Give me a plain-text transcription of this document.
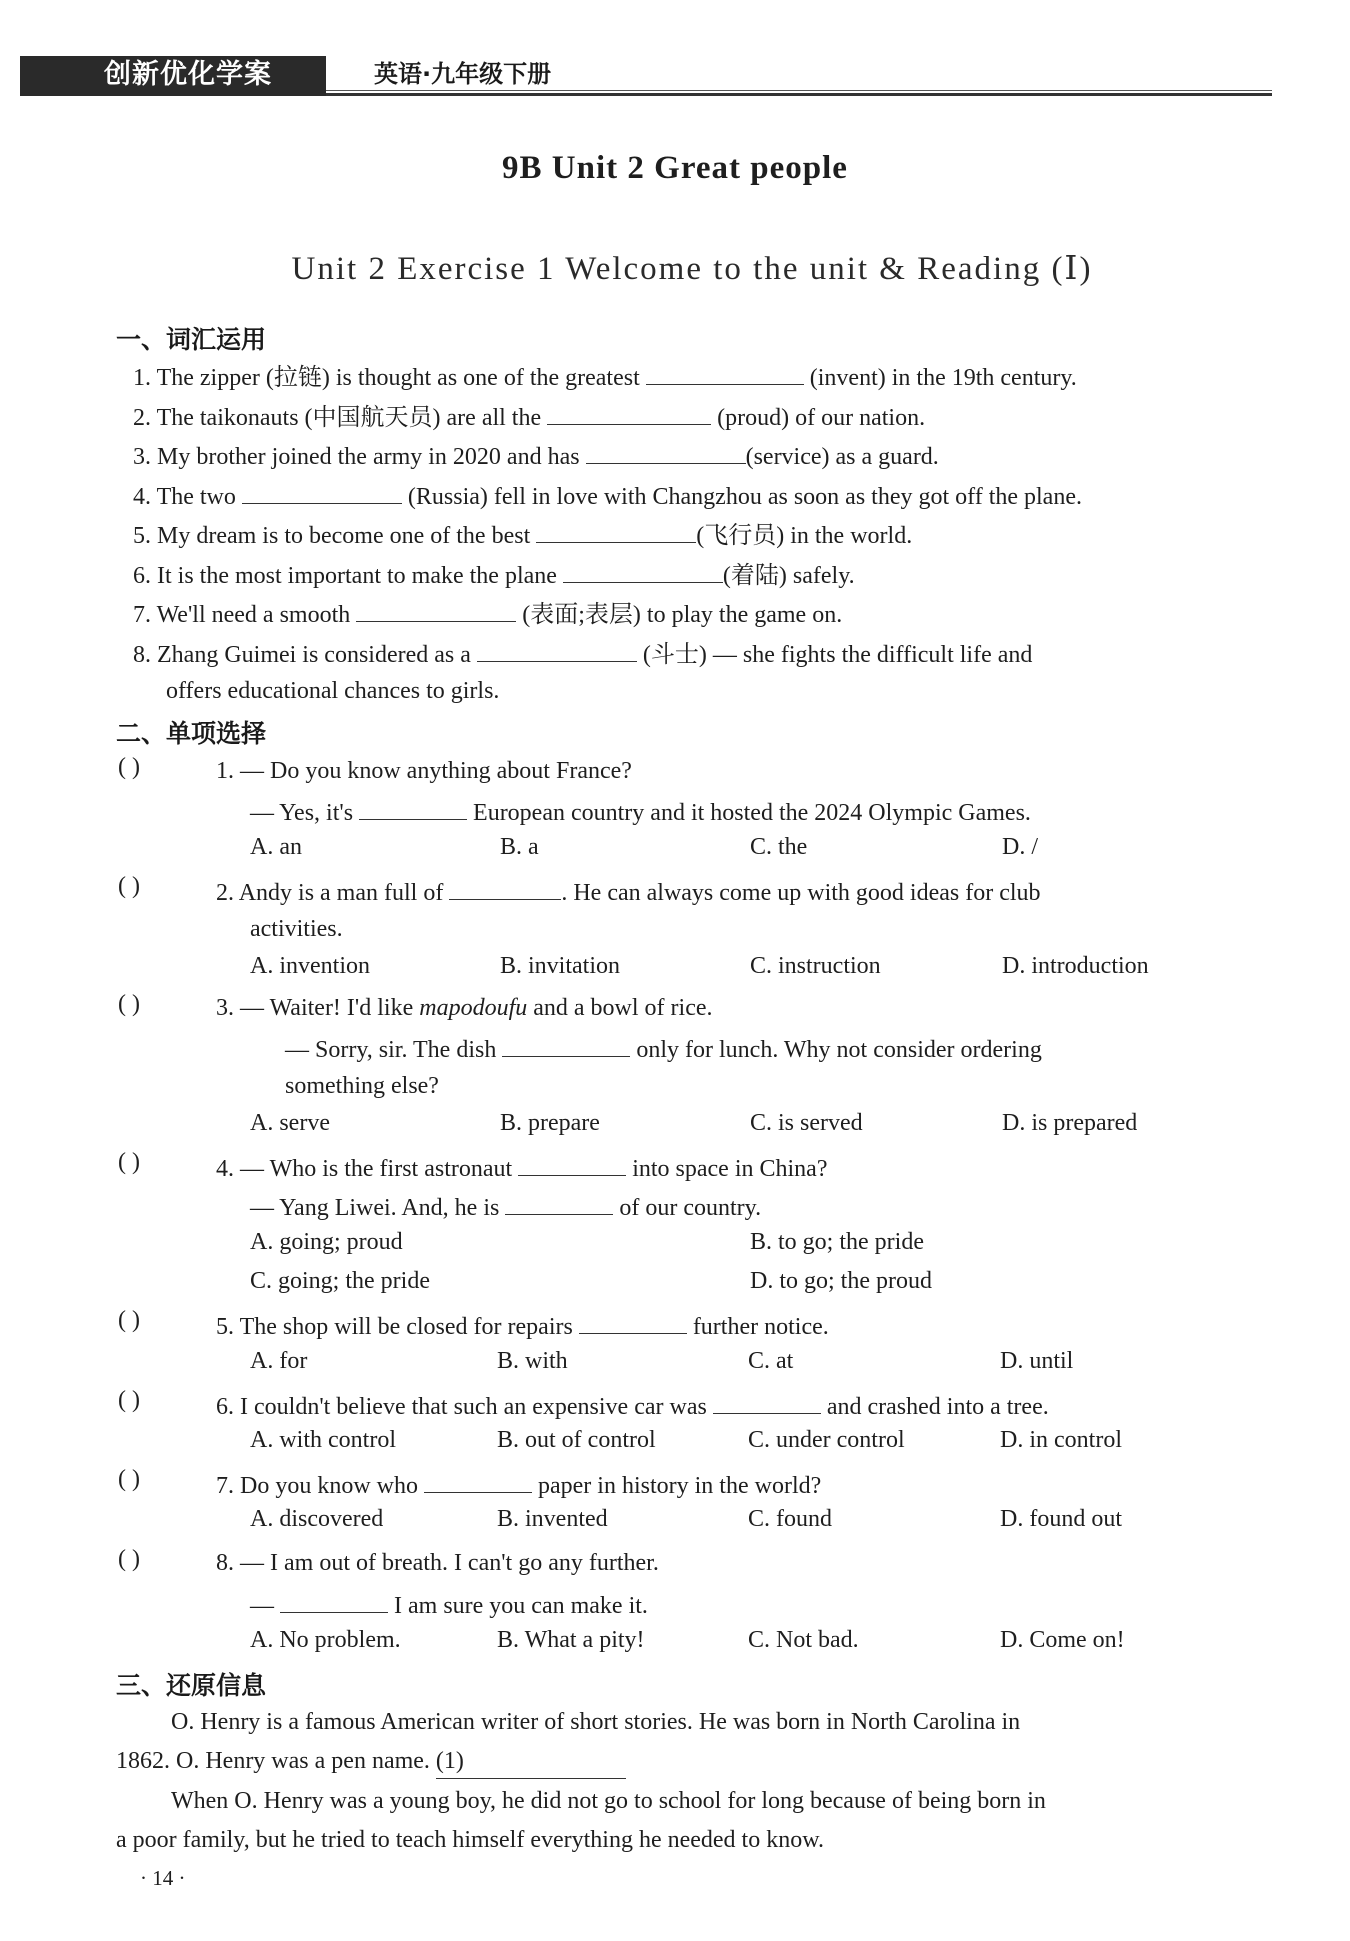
创新优化学案	英语·九年级下册
9B Unit 2 Great people
Unit 2 Exercise 1 Welcome to the unit & Reading (Ⅰ)
一、词汇运用
1. The zipper (拉链) is thought as one of the greatest	(invent) in the 19th century.
2. The taikonauts (中国航天员) are all the	(proud) of our nation.
3. My brother joined the army in 2020 and has	(service) as a guard.
4. The two	(Russia) fell in love with Changzhou as soon as they got off the plane.
5. My dream is to become one of the best	(飞行员) in the world.
6. It is the most important to make the plane	(着陆) safely.
7. We'll need a smooth	(表面;表层) to play the game on.
8. Zhang Guimei is considered as a	(斗士) — she fights the difficult life and
offers educational chances to girls.
二、单项选择
( )	1. — Do you know anything about France?
— Yes, it's	European country and it hosted the 2024 Olympic Games.
A. an	B. a	C. the	D. /
( )	2. Andy is a man full of	. He can always come up with good ideas for club
activities.
A. invention	B. invitation	C. instruction	D. introduction
( )	3. — Waiter! I'd like mapodoufu and a bowl of rice.
— Sorry, sir. The dish	only for lunch. Why not consider ordering
something else?
A. serve	B. prepare	C. is served	D. is prepared
( )	4. — Who is the first astronaut	into space in China?
— Yang Liwei. And, he is	of our country.
A. going; proud	B. to go; the pride
C. going; the pride	D. to go; the proud
( )	5. The shop will be closed for repairs	further notice.
A. for	B. with	C. at	D. until
( )	6. I couldn't believe that such an expensive car was	and crashed into a tree.
A. with control	B. out of control	C. under control	D. in control
( )	7. Do you know who	paper in history in the world?
A. discovered	B. invented	C. found	D. found out
( )	8. — I am out of breath. I can't go any further.
—	I am sure you can make it.
A. No problem.	B. What a pity!	C. Not bad.	D. Come on!
三、还原信息
O. Henry is a famous American writer of short stories. He was born in North Carolina in
1862. O. Henry was a pen name. (1)
When O. Henry was a young boy, he did not go to school for long because of being born in
a poor family, but he tried to teach himself everything he needed to know.
· 14 ·
